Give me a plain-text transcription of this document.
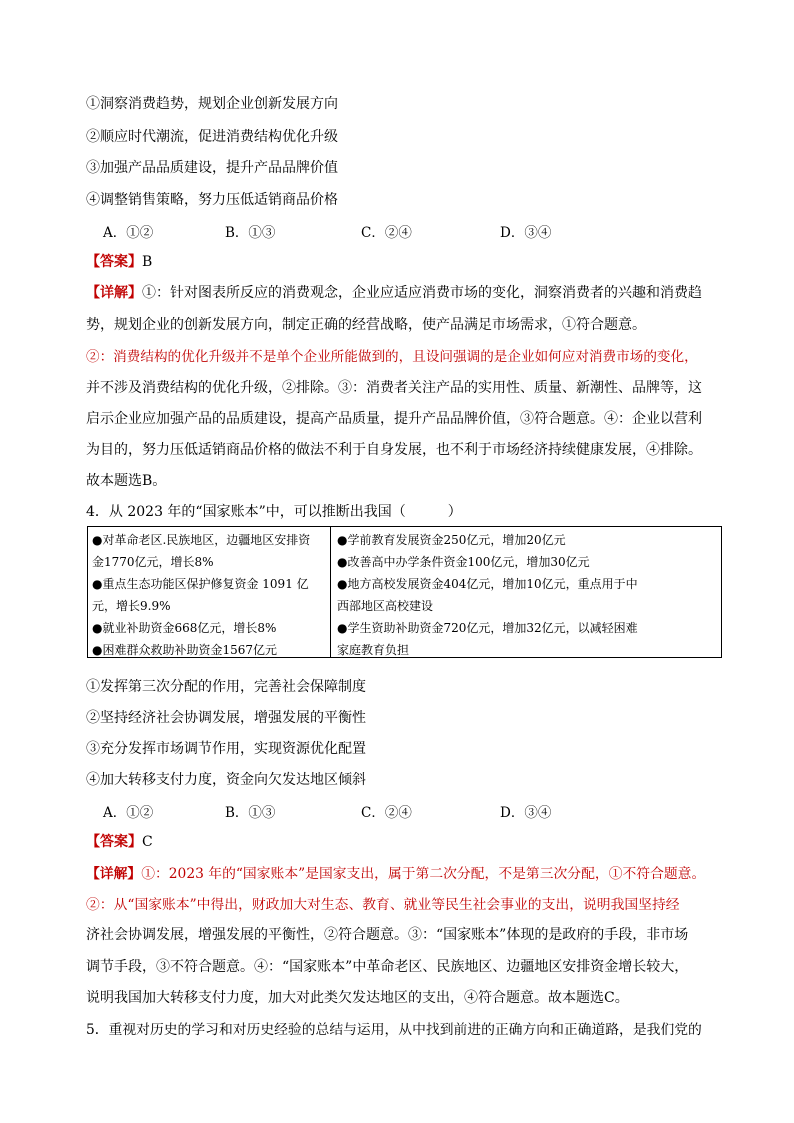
①洞察消费趋势，规划企业创新发展方向
②顺应时代潮流，促进消费结构优化升级
③加强产品品质建设，提升产品品牌价值
④调整销售策略，努力压低适销商品价格
A．①②	B．①③	C．②④	D．③④
【答案】B
【详解】①：针对图表所反应的消费观念，企业应适应消费市场的变化，洞察消费者的兴趣和消费趋
势，规划企业的创新发展方向，制定正确的经营战略，使产品满足市场需求，①符合题意。
②：消费结构的优化升级并不是单个企业所能做到的，且设问强调的是企业如何应对消费市场的变化，
并不涉及消费结构的优化升级，②排除。③：消费者关注产品的实用性、质量、新潮性、品牌等，这
启示企业应加强产品的品质建设，提高产品质量，提升产品品牌价值，③符合题意。④：企业以营利
为目的，努力压低适销商品价格的做法不利于自身发展，也不利于市场经济持续健康发展，④排除。
故本题选B。
4．从 2023 年的“国家账本”中，可以推断出我国（　　　）

●对革命老区.民族地区，边疆地区安排资

金1770亿元，增长8%

●重点生态功能区保护修复资金 1091 亿

元，增长9.9%

●就业补助资金668亿元，增长8%

●困难群众救助补助资金1567亿元

●学前教育发展资金250亿元，增加20亿元

●改善高中办学条件资金100亿元，增加30亿元

●地方高校发展资金404亿元，增加10亿元，重点用于中

西部地区高校建设

●学生资助补助资金720亿元，增加32亿元，以减轻困难

家庭教育负担

①发挥第三次分配的作用，完善社会保障制度
②坚持经济社会协调发展，增强发展的平衡性
③充分发挥市场调节作用，实现资源优化配置
④加大转移支付力度，资金向欠发达地区倾斜
A．①②	B．①③	C．②④	D．③④
【答案】C
【详解】①：2023 年的“国家账本”是国家支出，属于第二次分配，不是第三次分配，①不符合题意。
②：从“国家账本”中得出，财政加大对生态、教育、就业等民生社会事业的支出，说明我国坚持经
济社会协调发展，增强发展的平衡性，②符合题意。③：“国家账本”体现的是政府的手段，非市场
调节手段，③不符合题意。④：“国家账本”中革命老区、民族地区、边疆地区安排资金增长较大，
说明我国加大转移支付力度，加大对此类欠发达地区的支出，④符合题意。故本题选C。
5．重视对历史的学习和对历史经验的总结与运用，从中找到前进的正确方向和正确道路，是我们党的
